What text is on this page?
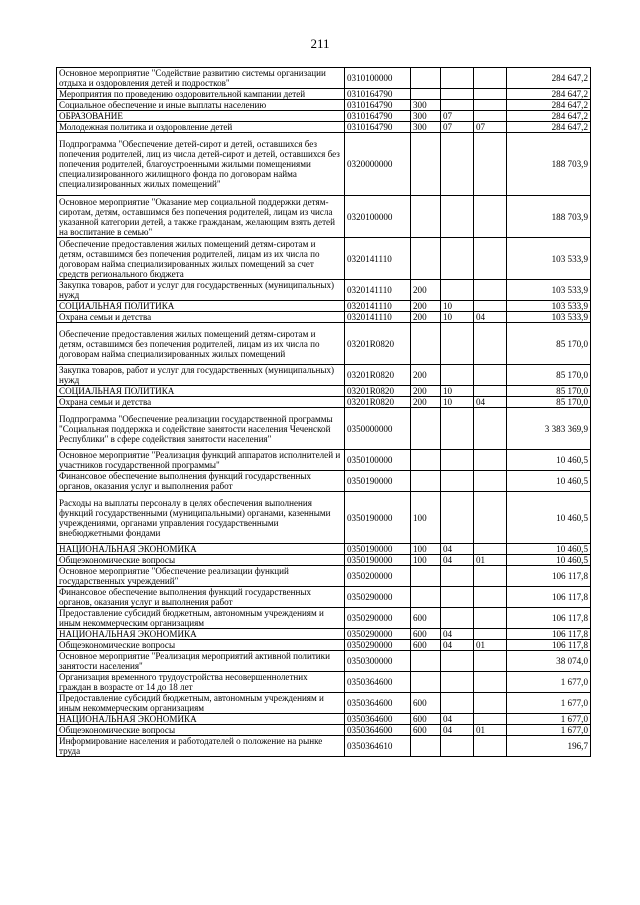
211
Основное мероприятие "Содействие развитию системы организации отдыха и оздоровления детей и подростков"	0310100000				284 647,2
Мероприятия по проведению оздоровительной кампании детей	0310164790				284 647,2
Социальное обеспечение и иные выплаты населению	0310164790	300			284 647,2
ОБРАЗОВАНИЕ	0310164790	300	07		284 647,2
Молодежная политика и оздоровление детей	0310164790	300	07	07	284 647,2
Подпрограмма "Обеспечение детей-сирот и детей, оставшихся без попечения родителей, лиц из числа детей-сирот и детей, оставшихся без попечения родителей, благоустроенными жилыми помещениями специализированного жилищного фонда по договорам найма специализированных жилых помещений"	0320000000				188 703,9
Основное мероприятие "Оказание мер социальной поддержки детям-сиротам, детям, оставшимся без попечения родителей, лицам из числа указанной категории детей, а также гражданам, желающим взять детей на воспитание в семью"	0320100000				188 703,9
Обеспечение предоставления жилых помещений детям-сиротам и детям, оставшимся без попечения родителей, лицам из их числа по договорам найма специализированных жилых помещений за счет средств регионального бюджета	0320141110				103 533,9
Закупка товаров, работ и услуг для государственных (муниципальных) нужд	0320141110	200			103 533,9
СОЦИАЛЬНАЯ ПОЛИТИКА	0320141110	200	10		103 533,9
Охрана семьи и детства	0320141110	200	10	04	103 533,9
Обеспечение предоставления жилых помещений детям-сиротам и детям, оставшимся без попечения родителей, лицам из их числа по договорам найма специализированных жилых помещений	03201R0820				85 170,0
Закупка товаров, работ и услуг для государственных (муниципальных) нужд	03201R0820	200			85 170,0
СОЦИАЛЬНАЯ ПОЛИТИКА	03201R0820	200	10		85 170,0
Охрана семьи и детства	03201R0820	200	10	04	85 170,0
Подпрограмма "Обеспечение реализации государственной программы "Социальная поддержка и содействие занятости населения Чеченской Республики" в сфере содействия занятости населения"	0350000000				3 383 369,9
Основное мероприятие "Реализация функций аппаратов исполнителей и участников государственной программы"	0350100000				10 460,5
Финансовое обеспечение выполнения функций государственных органов, оказания услуг и выполнения работ	0350190000				10 460,5
Расходы на выплаты персоналу в целях обеспечения выполнения функций государственными (муниципальными) органами, казенными учреждениями, органами управления государственными внебюджетными фондами	0350190000	100			10 460,5
НАЦИОНАЛЬНАЯ ЭКОНОМИКА	0350190000	100	04		10 460,5
Общеэкономические вопросы	0350190000	100	04	01	10 460,5
Основное мероприятие "Обеспечение реализации функций государственных учреждений"	0350200000				106 117,8
Финансовое обеспечение выполнения функций государственных органов, оказания услуг и выполнения работ	0350290000				106 117,8
Предоставление субсидий бюджетным, автономным учреждениям и иным некоммерческим организациям	0350290000	600			106 117,8
НАЦИОНАЛЬНАЯ ЭКОНОМИКА	0350290000	600	04		106 117,8
Общеэкономические вопросы	0350290000	600	04	01	106 117,8
Основное мероприятие "Реализация мероприятий активной политики занятости населения"	0350300000				38 074,0
Организация временного трудоустройства несовершеннолетних граждан в возрасте от 14 до 18 лет	0350364600				1 677,0
Предоставление субсидий бюджетным, автономным учреждениям и иным некоммерческим организациям	0350364600	600			1 677,0
НАЦИОНАЛЬНАЯ ЭКОНОМИКА	0350364600	600	04		1 677,0
Общеэкономические вопросы	0350364600	600	04	01	1 677,0
Информирование населения и работодателей о положение на рынке труда	0350364610				196,7
